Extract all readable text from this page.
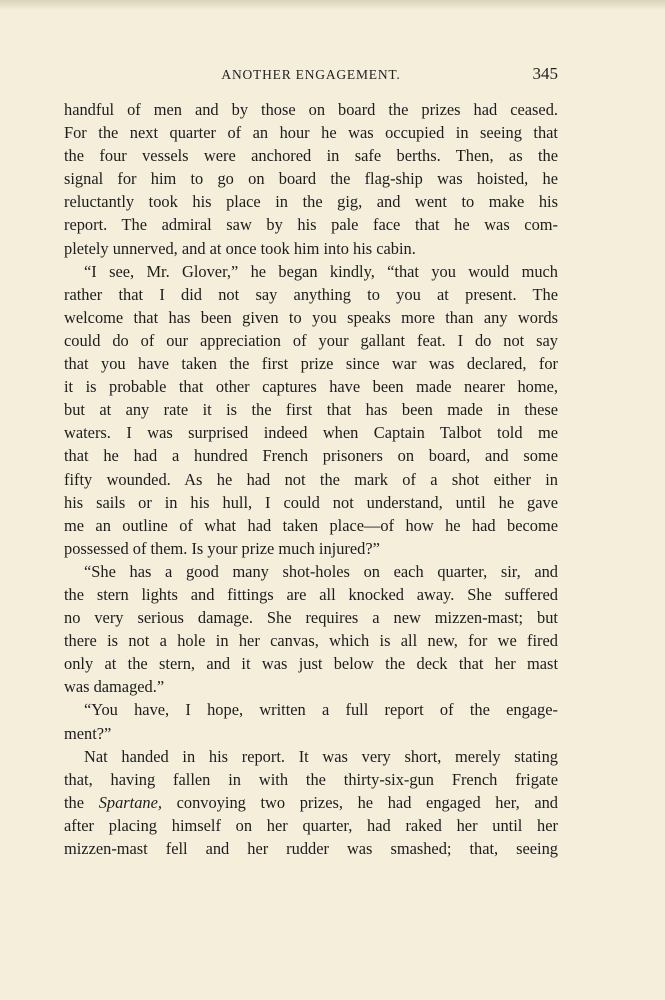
ANOTHER ENGAGEMENT.	345
handful of men and by those on board the prizes had ceased.
For the next quarter of an hour he was occupied in seeing that
the four vessels were anchored in safe berths. Then, as the
signal for him to go on board the flag-ship was hoisted, he
reluctantly took his place in the gig, and went to make his
report. The admiral saw by his pale face that he was com-
pletely unnerved, and at once took him into his cabin.
“I see, Mr. Glover,” he began kindly, “that you would much
rather that I did not say anything to you at present. The
welcome that has been given to you speaks more than any words
could do of our appreciation of your gallant feat. I do not say
that you have taken the first prize since war was declared, for
it is probable that other captures have been made nearer home,
but at any rate it is the first that has been made in these
waters. I was surprised indeed when Captain Talbot told me
that he had a hundred French prisoners on board, and some
fifty wounded. As he had not the mark of a shot either in
his sails or in his hull, I could not understand, until he gave
me an outline of what had taken place—of how he had become
possessed of them. Is your prize much injured?”
“She has a good many shot-holes on each quarter, sir, and
the stern lights and fittings are all knocked away. She suffered
no very serious damage. She requires a new mizzen-mast; but
there is not a hole in her canvas, which is all new, for we fired
only at the stern, and it was just below the deck that her mast
was damaged.”
“You have, I hope, written a full report of the engage-
ment?”
Nat handed in his report. It was very short, merely stating
that, having fallen in with the thirty-six-gun French frigate
the Spartane, convoying two prizes, he had engaged her, and
after placing himself on her quarter, had raked her until her
mizzen-mast fell and her rudder was smashed; that, seeing
